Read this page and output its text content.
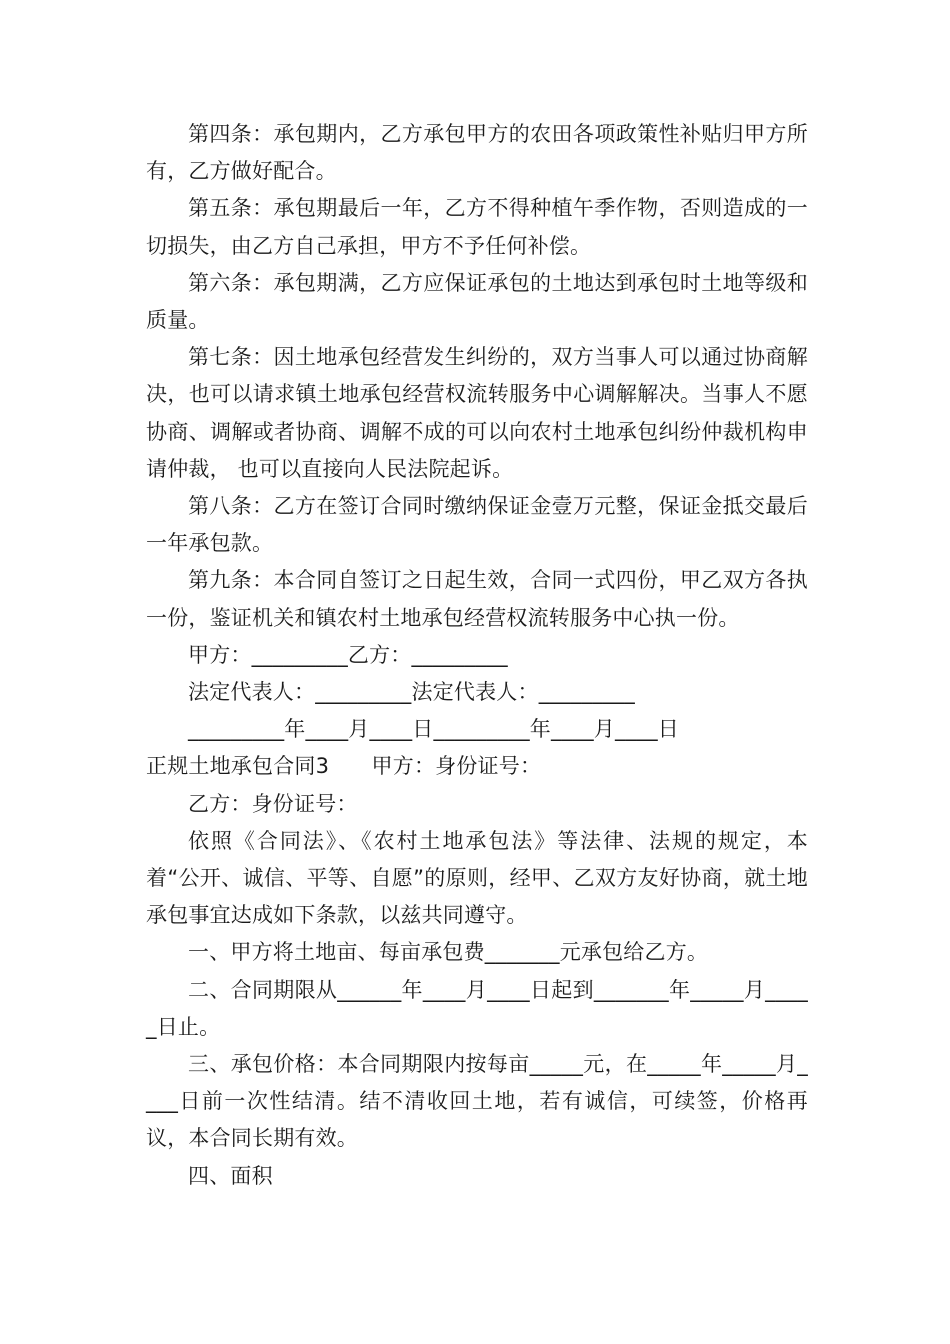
第四条：承包期内，乙方承包甲方的农田各项政策性补贴归甲方所有，乙方做好配合。

第五条：承包期最后一年，乙方不得种植午季作物，否则造成的一切损失，由乙方自己承担，甲方不予任何补偿。

第六条：承包期满，乙方应保证承包的土地达到承包时土地等级和质量。

第七条：因土地承包经营发生纠纷的，双方当事人可以通过协商解决，也可以请求镇土地承包经营权流转服务中心调解解决。当事人不愿协商、调解或者协商、调解不成的可以向农村土地承包纠纷仲裁机构申请仲裁， 也可以直接向人民法院起诉。

第八条：乙方在签订合同时缴纳保证金壹万元整，保证金抵交最后一年承包款。

第九条：本合同自签订之日起生效，合同一式四份，甲乙双方各执一份，鉴证机关和镇农村土地承包经营权流转服务中心执一份。

甲方：_________乙方：_________

法定代表人：_________法定代表人：_________

_________年____月____日_________年____月____日

正规土地承包合同3　　甲方：身份证号：

乙方：身份证号：

依照《合同法》、《农村土地承包法》等法律、法规的规定，本着“公开、诚信、平等、自愿”的原则，经甲、乙双方友好协商，就土地承包事宜达成如下条款，以兹共同遵守。

一、甲方将土地亩、每亩承包费_______元承包给乙方。

二、合同期限从______年____月____日起到_______年_____月_____日止。

三、承包价格：本合同期限内按每亩_____元，在_____年_____月____日前一次性结清。结不清收回土地，若有诚信，可续签，价格再议，本合同长期有效。

四、面积
